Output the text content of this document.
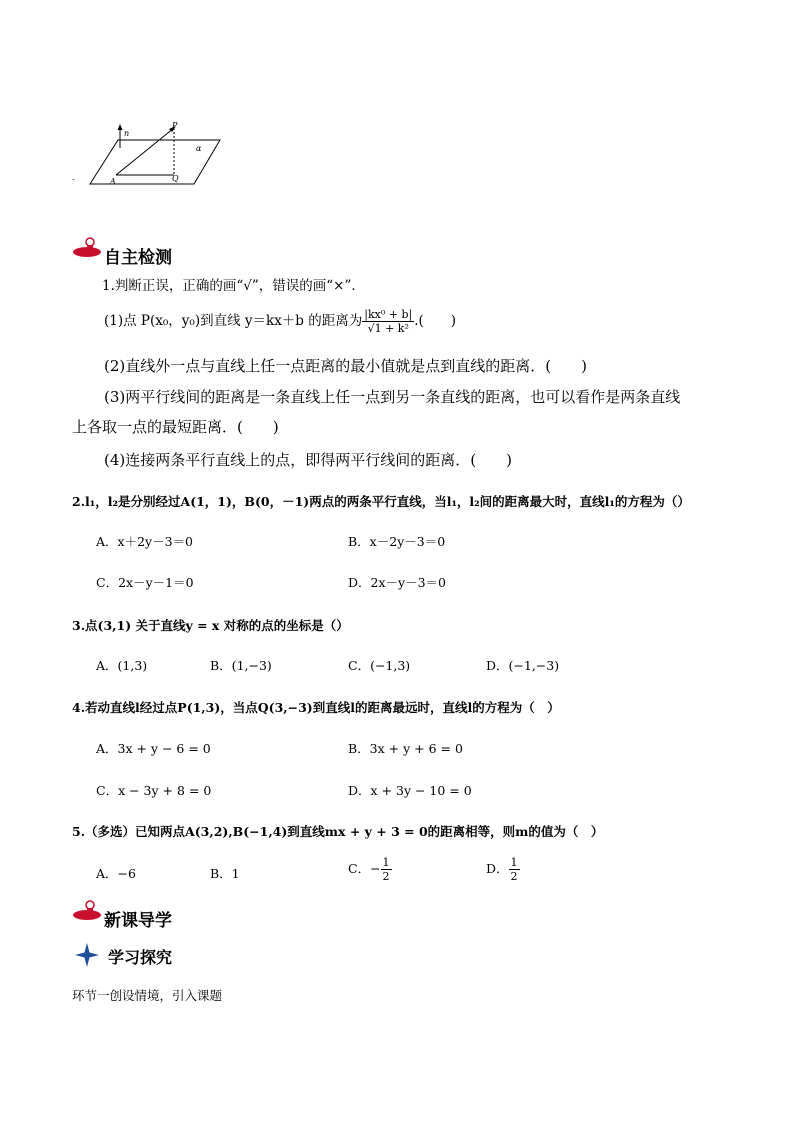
n
P
α
A	Q
-
自主检测
1.判断正误，正确的画“√”，错误的画“×”．
(1)点 P(x₀，y₀)到直线 y＝kx＋b 的距离为 $\frac{\text{|kx⁰ + b|}}{\text{√1 + k²}}$ .(　　)
(2)直线外一点与直线上任一点距离的最小值就是点到直线的距离．(　　)
(3)两平行线间的距离是一条直线上任一点到另一条直线的距离，也可以看作是两条直线
上各取一点的最短距离．(　　)
(4)连接两条平行直线上的点，即得两平行线间的距离．(　　)
2.l₁，l₂是分别经过A(1，1)，B(0，－1)两点的两条平行直线，当l₁，l₂间的距离最大时，直线l₁的方程为（）
A．x＋2y－3＝0	B．x－2y－3＝0
C．2x－y－1＝0	D．2x－y－3＝0
3.点(3,1) 关于直线y = x 对称的点的坐标是（）
A．(1,3)	B．(1,−3)	C．(−1,3)	D．(−1,−3)
4.若动直线l经过点P(1,3)，当点Q(3,−3)到直线l的距离最远时，直线l的方程为（　）
A．3x + y − 6 = 0	B．3x + y + 6 = 0
C．x − 3y + 8 = 0	D．x + 3y − 10 = 0
5.（多选）已知两点A(3,2),B(−1,4)到直线mx + y + 3 = 0的距离相等，则m的值为（　）
A．−6	B．1	C．− $\frac{1}{2}$	D． $\frac{1}{2}$
新课导学
学习探究
环节一创设情境，引入课题
